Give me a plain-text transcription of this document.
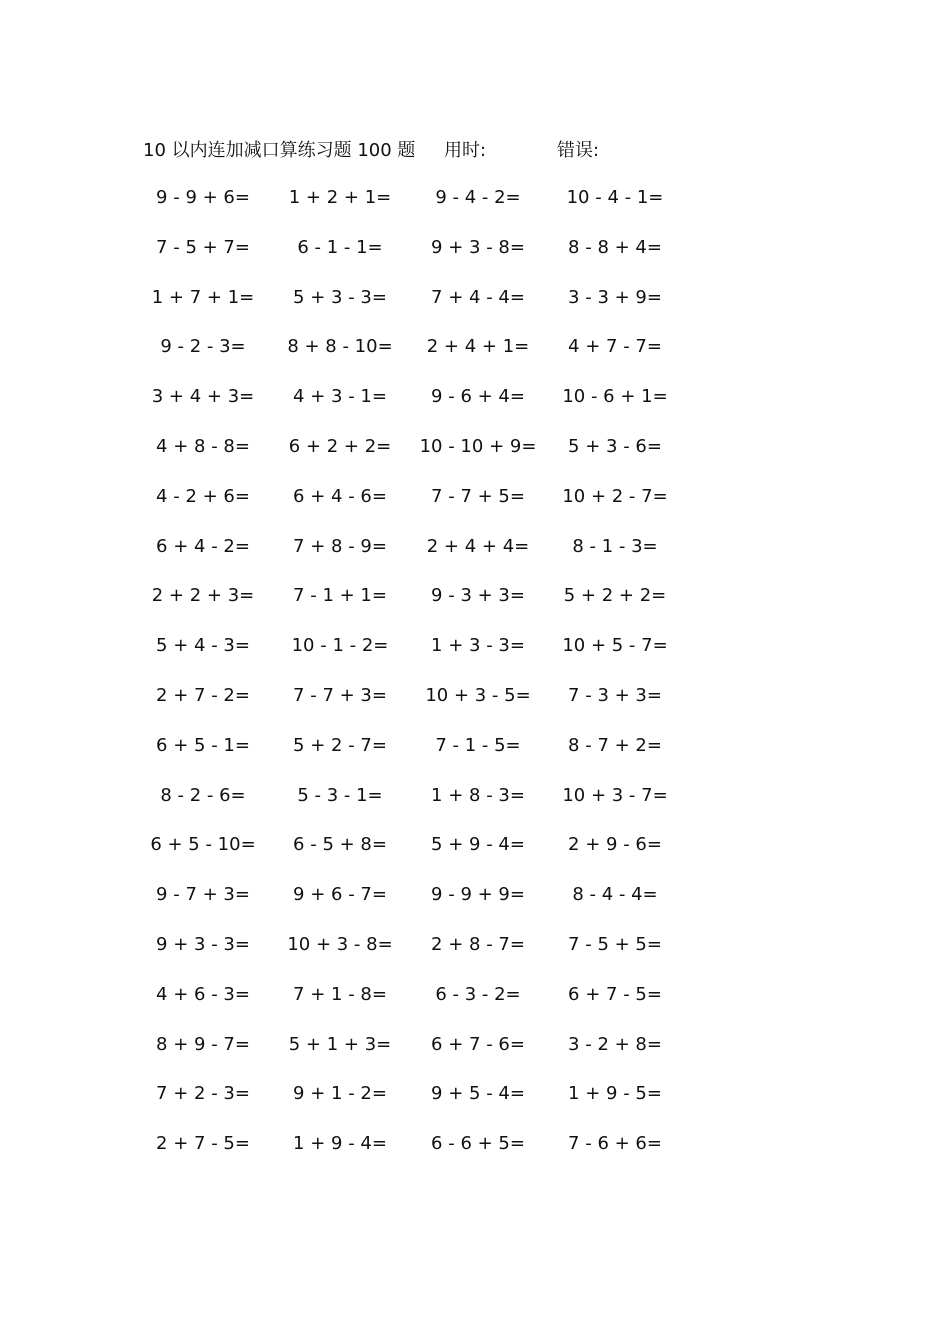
10 以内连加减口算练习题 100 题 用时:	错误:
9 - 9 + 6=	1 + 2 + 1=	9 - 4 - 2=	10 - 4 - 1=
7 - 5 + 7=	6 - 1 - 1=	9 + 3 - 8=	8 - 8 + 4=
1 + 7 + 1=	5 + 3 - 3=	7 + 4 - 4=	3 - 3 + 9=
9 - 2 - 3=	8 + 8 - 10=	2 + 4 + 1=	4 + 7 - 7=
3 + 4 + 3=	4 + 3 - 1=	9 - 6 + 4=	10 - 6 + 1=
4 + 8 - 8=	6 + 2 + 2=	10 - 10 + 9=	5 + 3 - 6=
4 - 2 + 6=	6 + 4 - 6=	7 - 7 + 5=	10 + 2 - 7=
6 + 4 - 2=	7 + 8 - 9=	2 + 4 + 4=	8 - 1 - 3=
2 + 2 + 3=	7 - 1 + 1=	9 - 3 + 3=	5 + 2 + 2=
5 + 4 - 3=	10 - 1 - 2=	1 + 3 - 3=	10 + 5 - 7=
2 + 7 - 2=	7 - 7 + 3=	10 + 3 - 5=	7 - 3 + 3=
6 + 5 - 1=	5 + 2 - 7=	7 - 1 - 5=	8 - 7 + 2=
8 - 2 - 6=	5 - 3 - 1=	1 + 8 - 3=	10 + 3 - 7=
6 + 5 - 10=	6 - 5 + 8=	5 + 9 - 4=	2 + 9 - 6=
9 - 7 + 3=	9 + 6 - 7=	9 - 9 + 9=	8 - 4 - 4=
9 + 3 - 3=	10 + 3 - 8=	2 + 8 - 7=	7 - 5 + 5=
4 + 6 - 3=	7 + 1 - 8=	6 - 3 - 2=	6 + 7 - 5=
8 + 9 - 7=	5 + 1 + 3=	6 + 7 - 6=	3 - 2 + 8=
7 + 2 - 3=	9 + 1 - 2=	9 + 5 - 4=	1 + 9 - 5=
2 + 7 - 5=	1 + 9 - 4=	6 - 6 + 5=	7 - 6 + 6=
